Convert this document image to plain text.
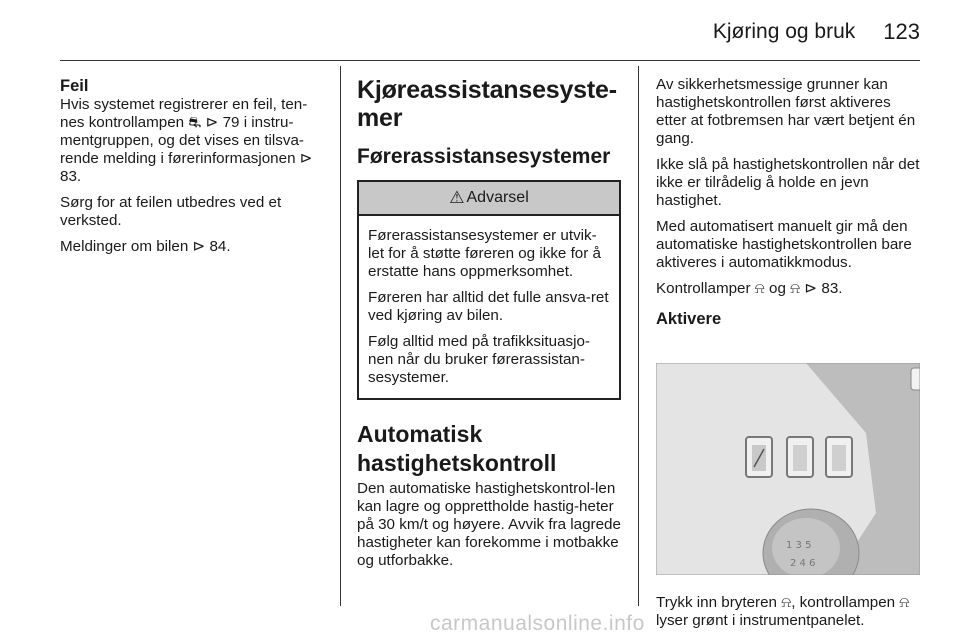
Kjøring og bruk 123
Feil

Hvis systemet registrerer en feil, ten-nes kontrollampen ⛐ ⊳ 79 i instru-mentgruppen, og det vises en tilsva-rende melding i førerinformasjonen ⊳ 83.

Sørg for at feilen utbedres ved et verksted.

Meldinger om bilen ⊳ 84.

Kjøreassistansesyste-mer
Førerassistansesystemer
⚠ Advarsel

Førerassistansesystemer er utvik-let for å støtte føreren og ikke for å erstatte hans oppmerksomhet.

Føreren har alltid det fulle ansva-ret ved kjøring av bilen.

Følg alltid med på trafikksituasjo-nen når du bruker førerassistan-sesystemer.

Automatisk hastighetskontroll

Den automatiske hastighetskontrol-len kan lagre og opprettholde hastig-heter på 30 km/t og høyere. Avvik fra lagrede hastigheter kan forekomme i motbakke og utforbakke.

Av sikkerhetsmessige grunner kan hastighetskontrollen først aktiveres etter at fotbremsen har vært betjent én gang.

Ikke slå på hastighetskontrollen når det ikke er tilrådelig å holde en jevn hastighet.

Med automatisert manuelt gir må den automatiske hastighetskontrollen bare aktiveres i automatikkmodus.

Kontrollamper ⍾ og ⍾ ⊳ 83.

Aktivere
1 3 5
2 4 6

Trykk inn bryteren ⍾, kontrollampen ⍾ lyser grønt i instrumentpanelet.

carmanualsonline.info
